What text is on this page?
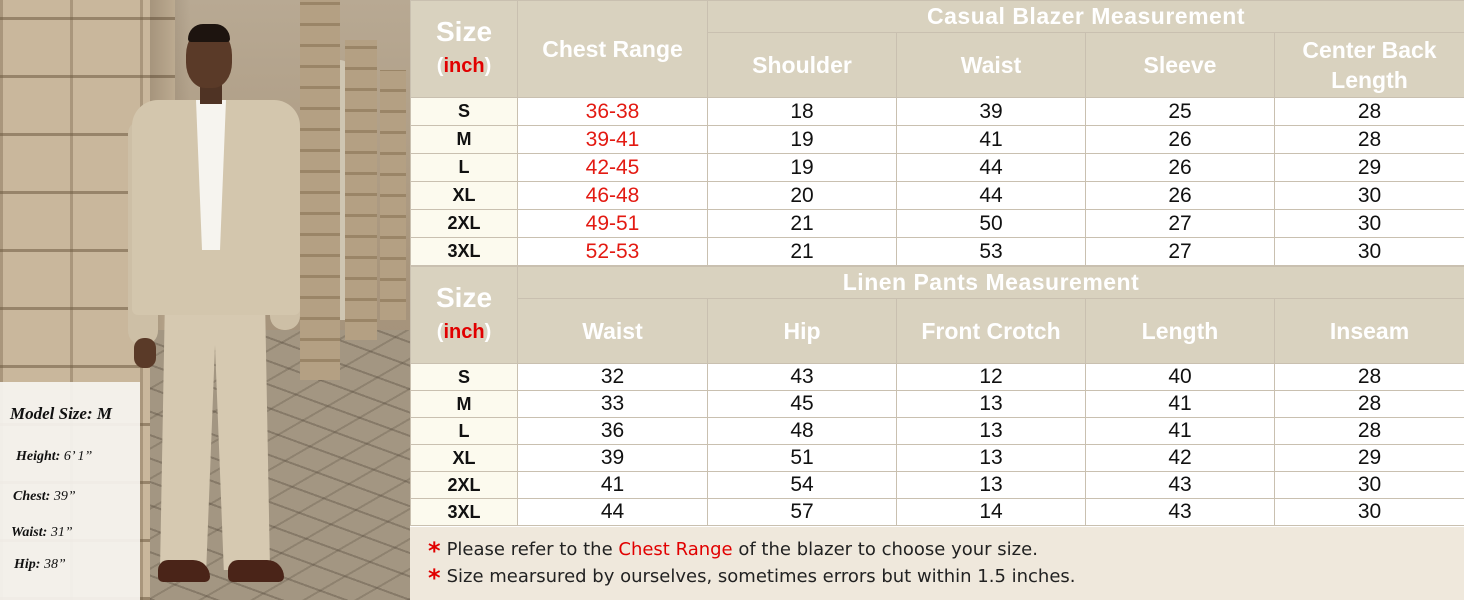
Model Size: M
Height: 6’ 1”
Chest: 39”
Waist: 31”
Hip: 38”
Size
(inch)	Chest Range	Casual Blazer Measurement			
		Shoulder	Waist	Sleeve	Center Back Length
S	36-38	18	39	25	28
M	39-41	19	41	26	28
L	42-45	19	44	26	29
XL	46-48	20	44	26	30
2XL	49-51	21	50	27	30
3XL	52-53	21	53	27	30
Size
(inch)	Linen Pants Measurement				
	Waist	Hip	Front Crotch	Length	Inseam
S	32	43	12	40	28
M	33	45	13	41	28
L	36	48	13	41	28
XL	39	51	13	42	29
2XL	41	54	13	43	30
3XL	44	57	14	43	30
* Please refer to the Chest Range of the blazer to choose your size.
* Size mearsured by ourselves, sometimes errors but within 1.5 inches.
